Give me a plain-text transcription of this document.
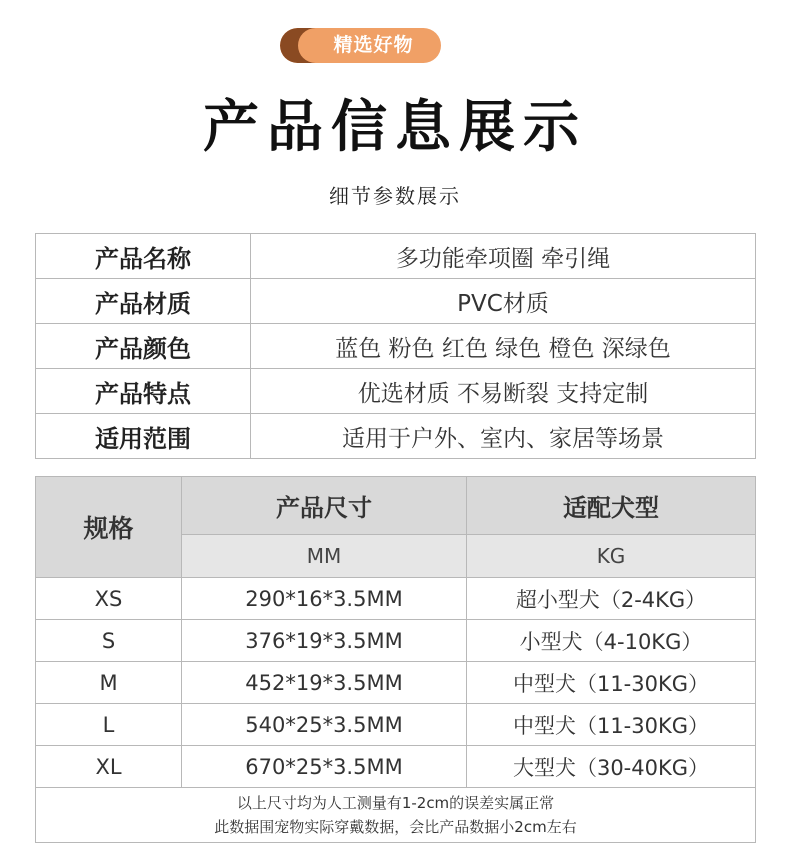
精选好物
产品信息展示
细节参数展示
产品名称	多功能牵项圈 牵引绳
产品材质	PVC材质
产品颜色	蓝色 粉色 红色 绿色 橙色 深绿色
产品特点	优选材质 不易断裂 支持定制
适用范围	适用于户外、室内、家居等场景
规格	产品尺寸	适配犬型
	MM	KG
XS	290*16*3.5MM	超小型犬（2-4KG）
S	376*19*3.5MM	小型犬（4-10KG）
M	452*19*3.5MM	中型犬（11-30KG）
L	540*25*3.5MM	中型犬（11-30KG）
XL	670*25*3.5MM	大型犬（30-40KG）

以上尺寸均为人工测量有1-2cm的误差实属正常
此数据围宠物实际穿戴数据，会比产品数据小2cm左右		
